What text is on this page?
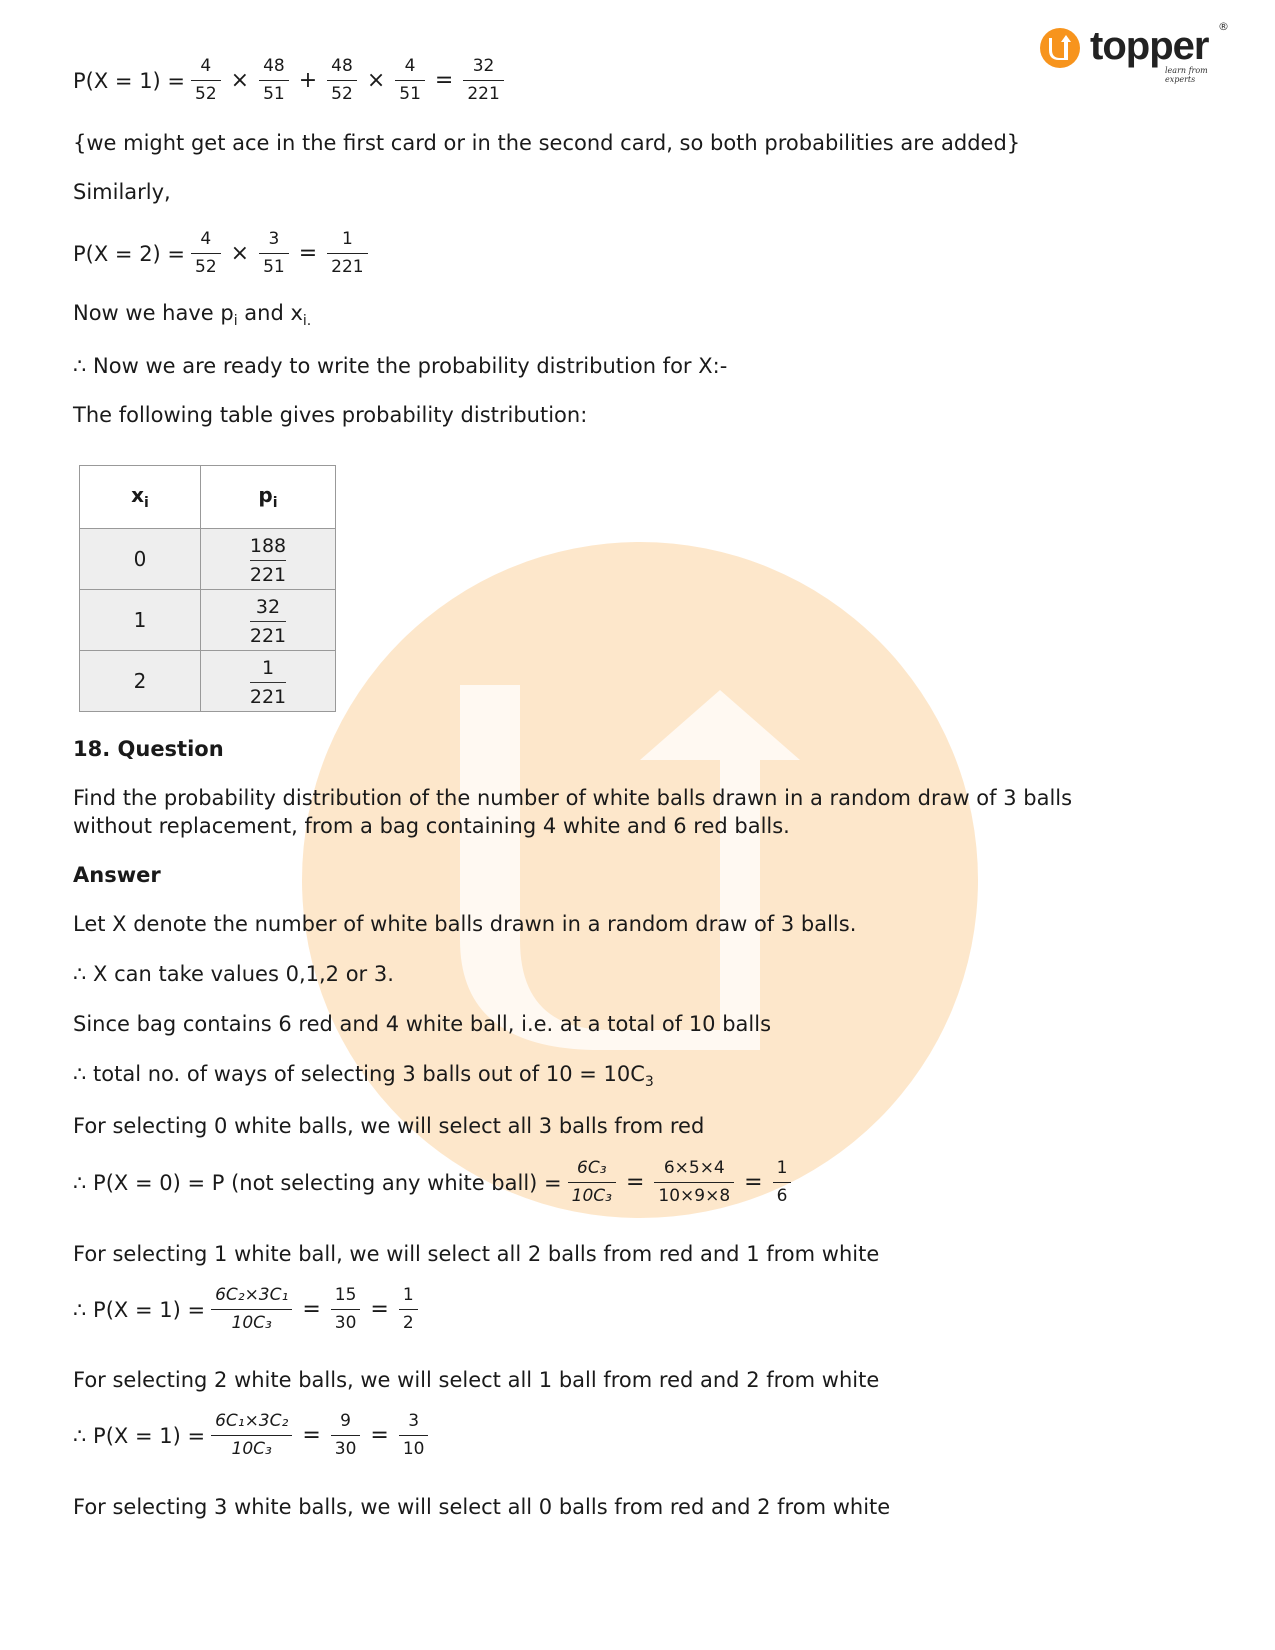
topper ®
learn from experts
$P(X = 1) = \frac{4}{52} \times \frac{48}{51} + \frac{48}{52} \times \frac{4}{51} = \frac{32}{221}$
{we might get ace in the first card or in the second card, so both probabilities are added}
Similarly,
$P(X = 2) = \frac{4}{52} \times \frac{3}{51} = \frac{1}{221}$
Now we have $p_i$ and $x_{i.}$
∴ Now we are ready to write the probability distribution for X:-
The following table gives probability distribution:
$x_i$	$p_i$
0	$\frac{188}{221}$

1	$\frac{32}{221}$

2	$\frac{1}{221}$
18. Question
Find the probability distribution of the number of white balls drawn in a random draw of 3 balls
without replacement, from a bag containing 4 white and 6 red balls.
Answer
Let X denote the number of white balls drawn in a random draw of 3 balls.
∴ X can take values 0,1,2 or 3.
Since bag contains 6 red and 4 white ball, i.e. at a total of 10 balls
∴ total no. of ways of selecting 3 balls out of $10 = 10C_3$
For selecting 0 white balls, we will select all 3 balls from red
∴ P(X = 0) = P (not selecting any white ball) = $\frac{\text{6C₃}}{\text{10C₃}} = \frac{6\times 5\times 4}{10\times 9\times 8} = \frac{1}{6}$
For selecting 1 white ball, we will select all 2 balls from red and 1 from white
∴ $P(X = 1) = \frac{\text{6C₂×3C₁}}{\text{10C₃}} = \frac{15}{30} = \frac{1}{2}$
For selecting 2 white balls, we will select all 1 ball from red and 2 from white
∴ $P(X = 1) = \frac{\text{6C₁×3C₂}}{\text{10C₃}} = \frac{9}{30} = \frac{3}{10}$
For selecting 3 white balls, we will select all 0 balls from red and 2 from white
